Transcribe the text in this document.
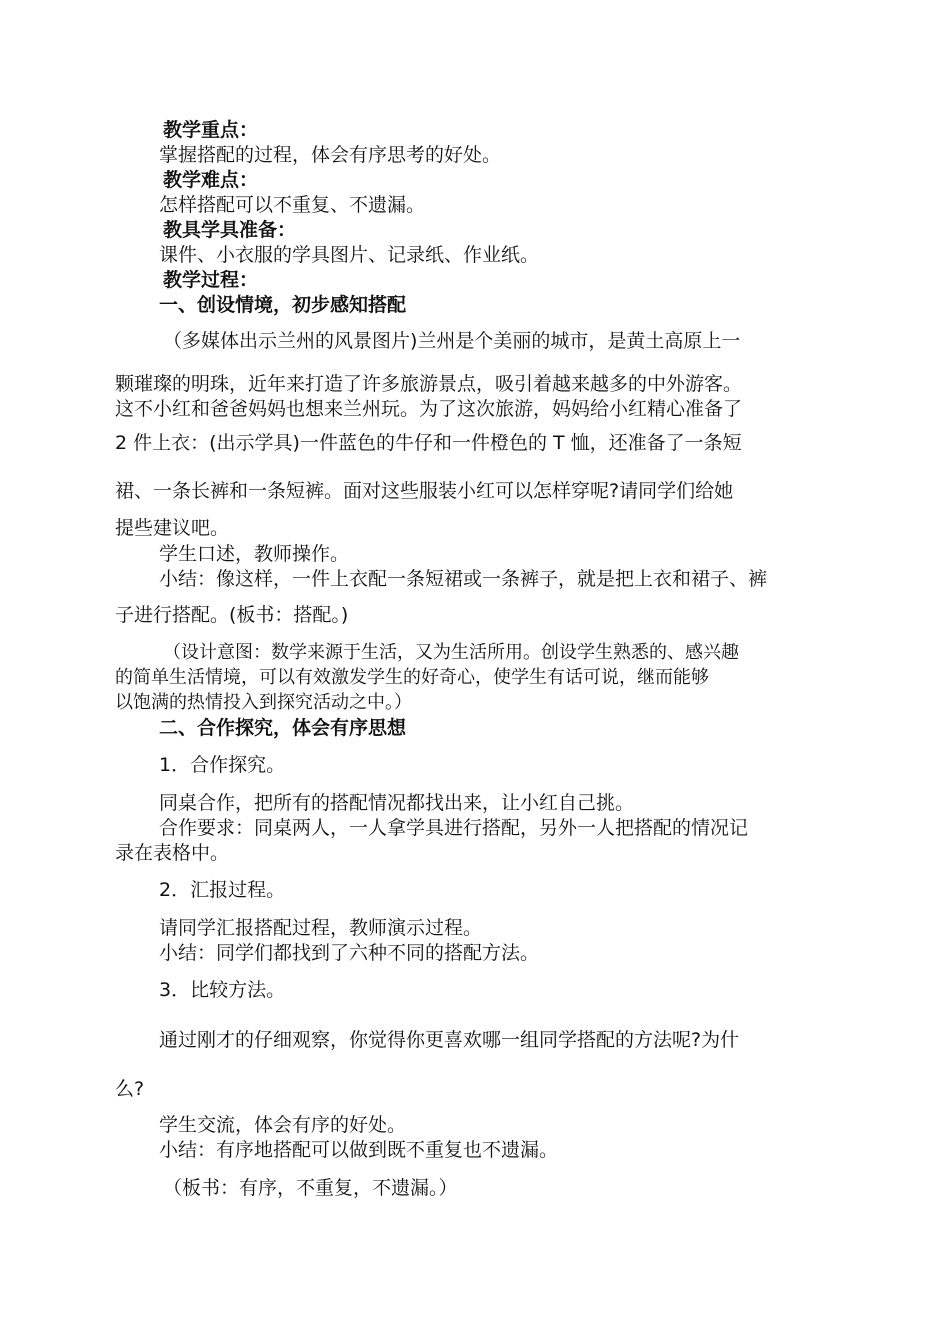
教学重点：
掌握搭配的过程，体会有序思考的好处。
教学难点：
怎样搭配可以不重复、不遗漏。
教具学具准备：
课件、小衣服的学具图片、记录纸、作业纸。
教学过程：
一、创设情境，初步感知搭配
（多媒体出示兰州的风景图片)兰州是个美丽的城市，是黄土高原上一
颗璀璨的明珠，近年来打造了许多旅游景点，吸引着越来越多的中外游客。
这不小红和爸爸妈妈也想来兰州玩。为了这次旅游，妈妈给小红精心准备了
2 件上衣：(出示学具)一件蓝色的牛仔和一件橙色的 T 恤，还准备了一条短
裙、一条长裤和一条短裤。面对这些服装小红可以怎样穿呢?请同学们给她
提些建议吧。
学生口述，教师操作。
小结：像这样，一件上衣配一条短裙或一条裤子，就是把上衣和裙子、裤
子进行搭配。(板书：搭配。)
（设计意图：数学来源于生活，又为生活所用。创设学生熟悉的、感兴趣
的简单生活情境，可以有效激发学生的好奇心，使学生有话可说，继而能够
以饱满的热情投入到探究活动之中。）
二、合作探究，体会有序思想
1．合作探究。
同桌合作，把所有的搭配情况都找出来，让小红自己挑。
合作要求：同桌两人，一人拿学具进行搭配，另外一人把搭配的情况记
录在表格中。
2．汇报过程。
请同学汇报搭配过程，教师演示过程。
小结：同学们都找到了六种不同的搭配方法。
3．比较方法。
通过刚才的仔细观察，你觉得你更喜欢哪一组同学搭配的方法呢?为什
么?
学生交流，体会有序的好处。
小结：有序地搭配可以做到既不重复也不遗漏。
（板书：有序，不重复，不遗漏。）
